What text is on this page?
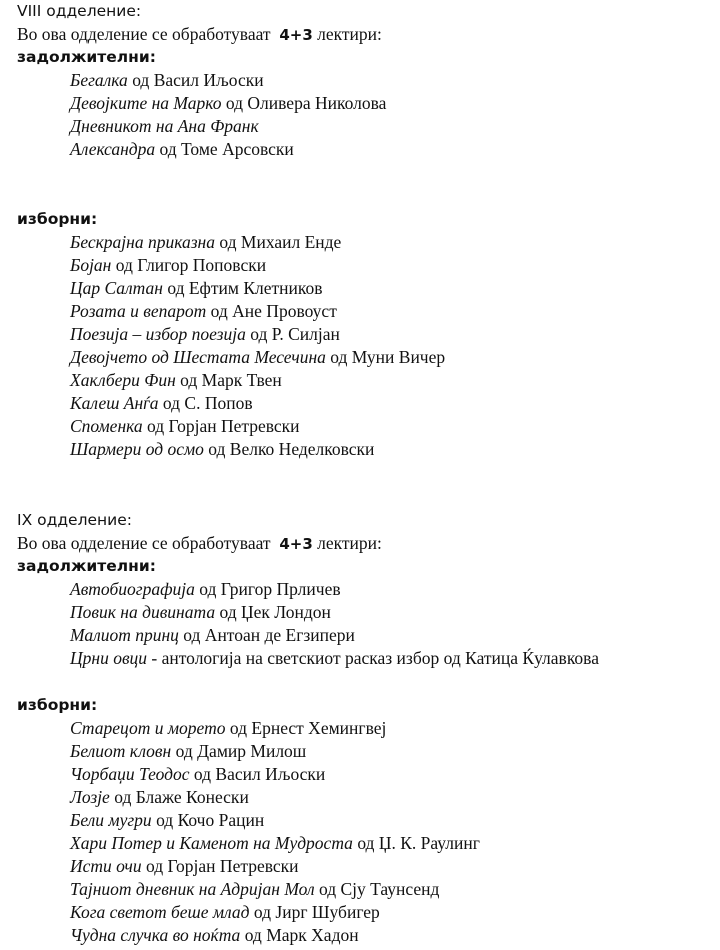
VIII одделение:
Во ова одделение се обработуваат 4+3 лектири:
задолжителни:
Бегалка од Васил Иљоски
Девојките на Марко од Оливера Николова
Дневникот на Ана Франк
Александра од Томе Арсовски
изборни:
Бескрајна приказна од Михаил Енде
Бојан од Глигор Поповски
Цар Салтан од Ефтим Клетников
Розата и вепарот од Ане Провоуст
Поезија – избор поезија од Р. Силјан
Девојчето од Шестата Месечина од Муни Вичер
Хаклбери Фин од Марк Твен
Калеш Анѓа од С. Попов
Споменка од Горјан Петревски
Шармери од осмо од Велко Неделковски
IX одделение:
Во ова одделение се обработуваат 4+3 лектири:
задолжителни:
Автобиографија од Григор Прличев
Повик на дивината од Џек Лондон
Малиот принц од Антоан де Егзипери
Црни овци - антологија на светскиот расказ избор од Катица Ќулавкова
изборни:
Старецот и морето од Ернест Хемингвеј
Белиот кловн од Дамир Милош
Чорбаџи Теодос од Васил Иљоски
Лозје од Блаже Конески
Бели мугри од Кочо Рацин
Хари Потер и Каменот на Мудроста од Џ. К. Раулинг
Исти очи од Горјан Петревски
Тајниот дневник на Адријан Мол од Сју Таунсенд
Кога светот беше млад од Јирг Шубигер
Чудна случка во ноќта од Марк Хадон
